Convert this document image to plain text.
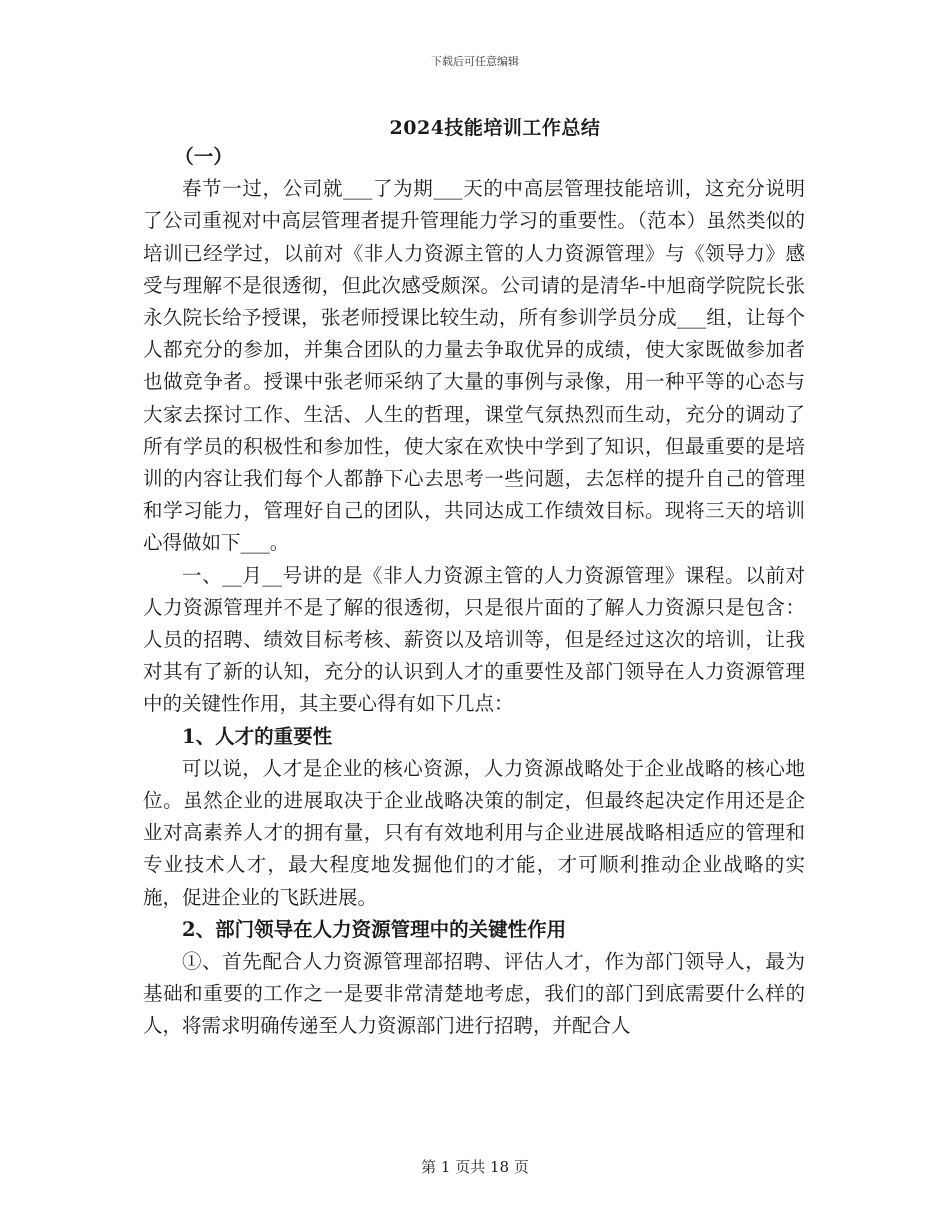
下载后可任意编辑
2024技能培训工作总结

（一）

春节一过，公司就___了为期___天的中高层管理技能培训，这充分说明了公司重视对中高层管理者提升管理能力学习的重要性。（范本）虽然类似的培训已经学过，以前对《非人力资源主管的人力资源管理》与《领导力》感受与理解不是很透彻，但此次感受颇深。公司请的是清华-中旭商学院院长张永久院长给予授课，张老师授课比较生动，所有参训学员分成___组，让每个人都充分的参加，并集合团队的力量去争取优异的成绩，使大家既做参加者也做竞争者。授课中张老师采纳了大量的事例与录像，用一种平等的心态与大家去探讨工作、生活、人生的哲理，课堂气氛热烈而生动，充分的调动了所有学员的积极性和参加性，使大家在欢快中学到了知识，但最重要的是培训的内容让我们每个人都静下心去思考一些问题，去怎样的提升自己的管理和学习能力，管理好自己的团队，共同达成工作绩效目标。现将三天的培训心得做如下___。

一、__月__号讲的是《非人力资源主管的人力资源管理》课程。以前对人力资源管理并不是了解的很透彻，只是很片面的了解人力资源只是包含：人员的招聘、绩效目标考核、薪资以及培训等，但是经过这次的培训，让我对其有了新的认知，充分的认识到人才的重要性及部门领导在人力资源管理中的关键性作用，其主要心得有如下几点：

1、人才的重要性

可以说，人才是企业的核心资源，人力资源战略处于企业战略的核心地位。虽然企业的进展取决于企业战略决策的制定，但最终起决定作用还是企业对高素养人才的拥有量，只有有效地利用与企业进展战略相适应的管理和专业技术人才，最大程度地发掘他们的才能，才可顺利推动企业战略的实施，促进企业的飞跃进展。

2、部门领导在人力资源管理中的关键性作用

①、首先配合人力资源管理部招聘、评估人才，作为部门领导人，最为基础和重要的工作之一是要非常清楚地考虑，我们的部门到底需要什么样的人，将需求明确传递至人力资源部门进行招聘，并配合人

第 1 页共 18 页
